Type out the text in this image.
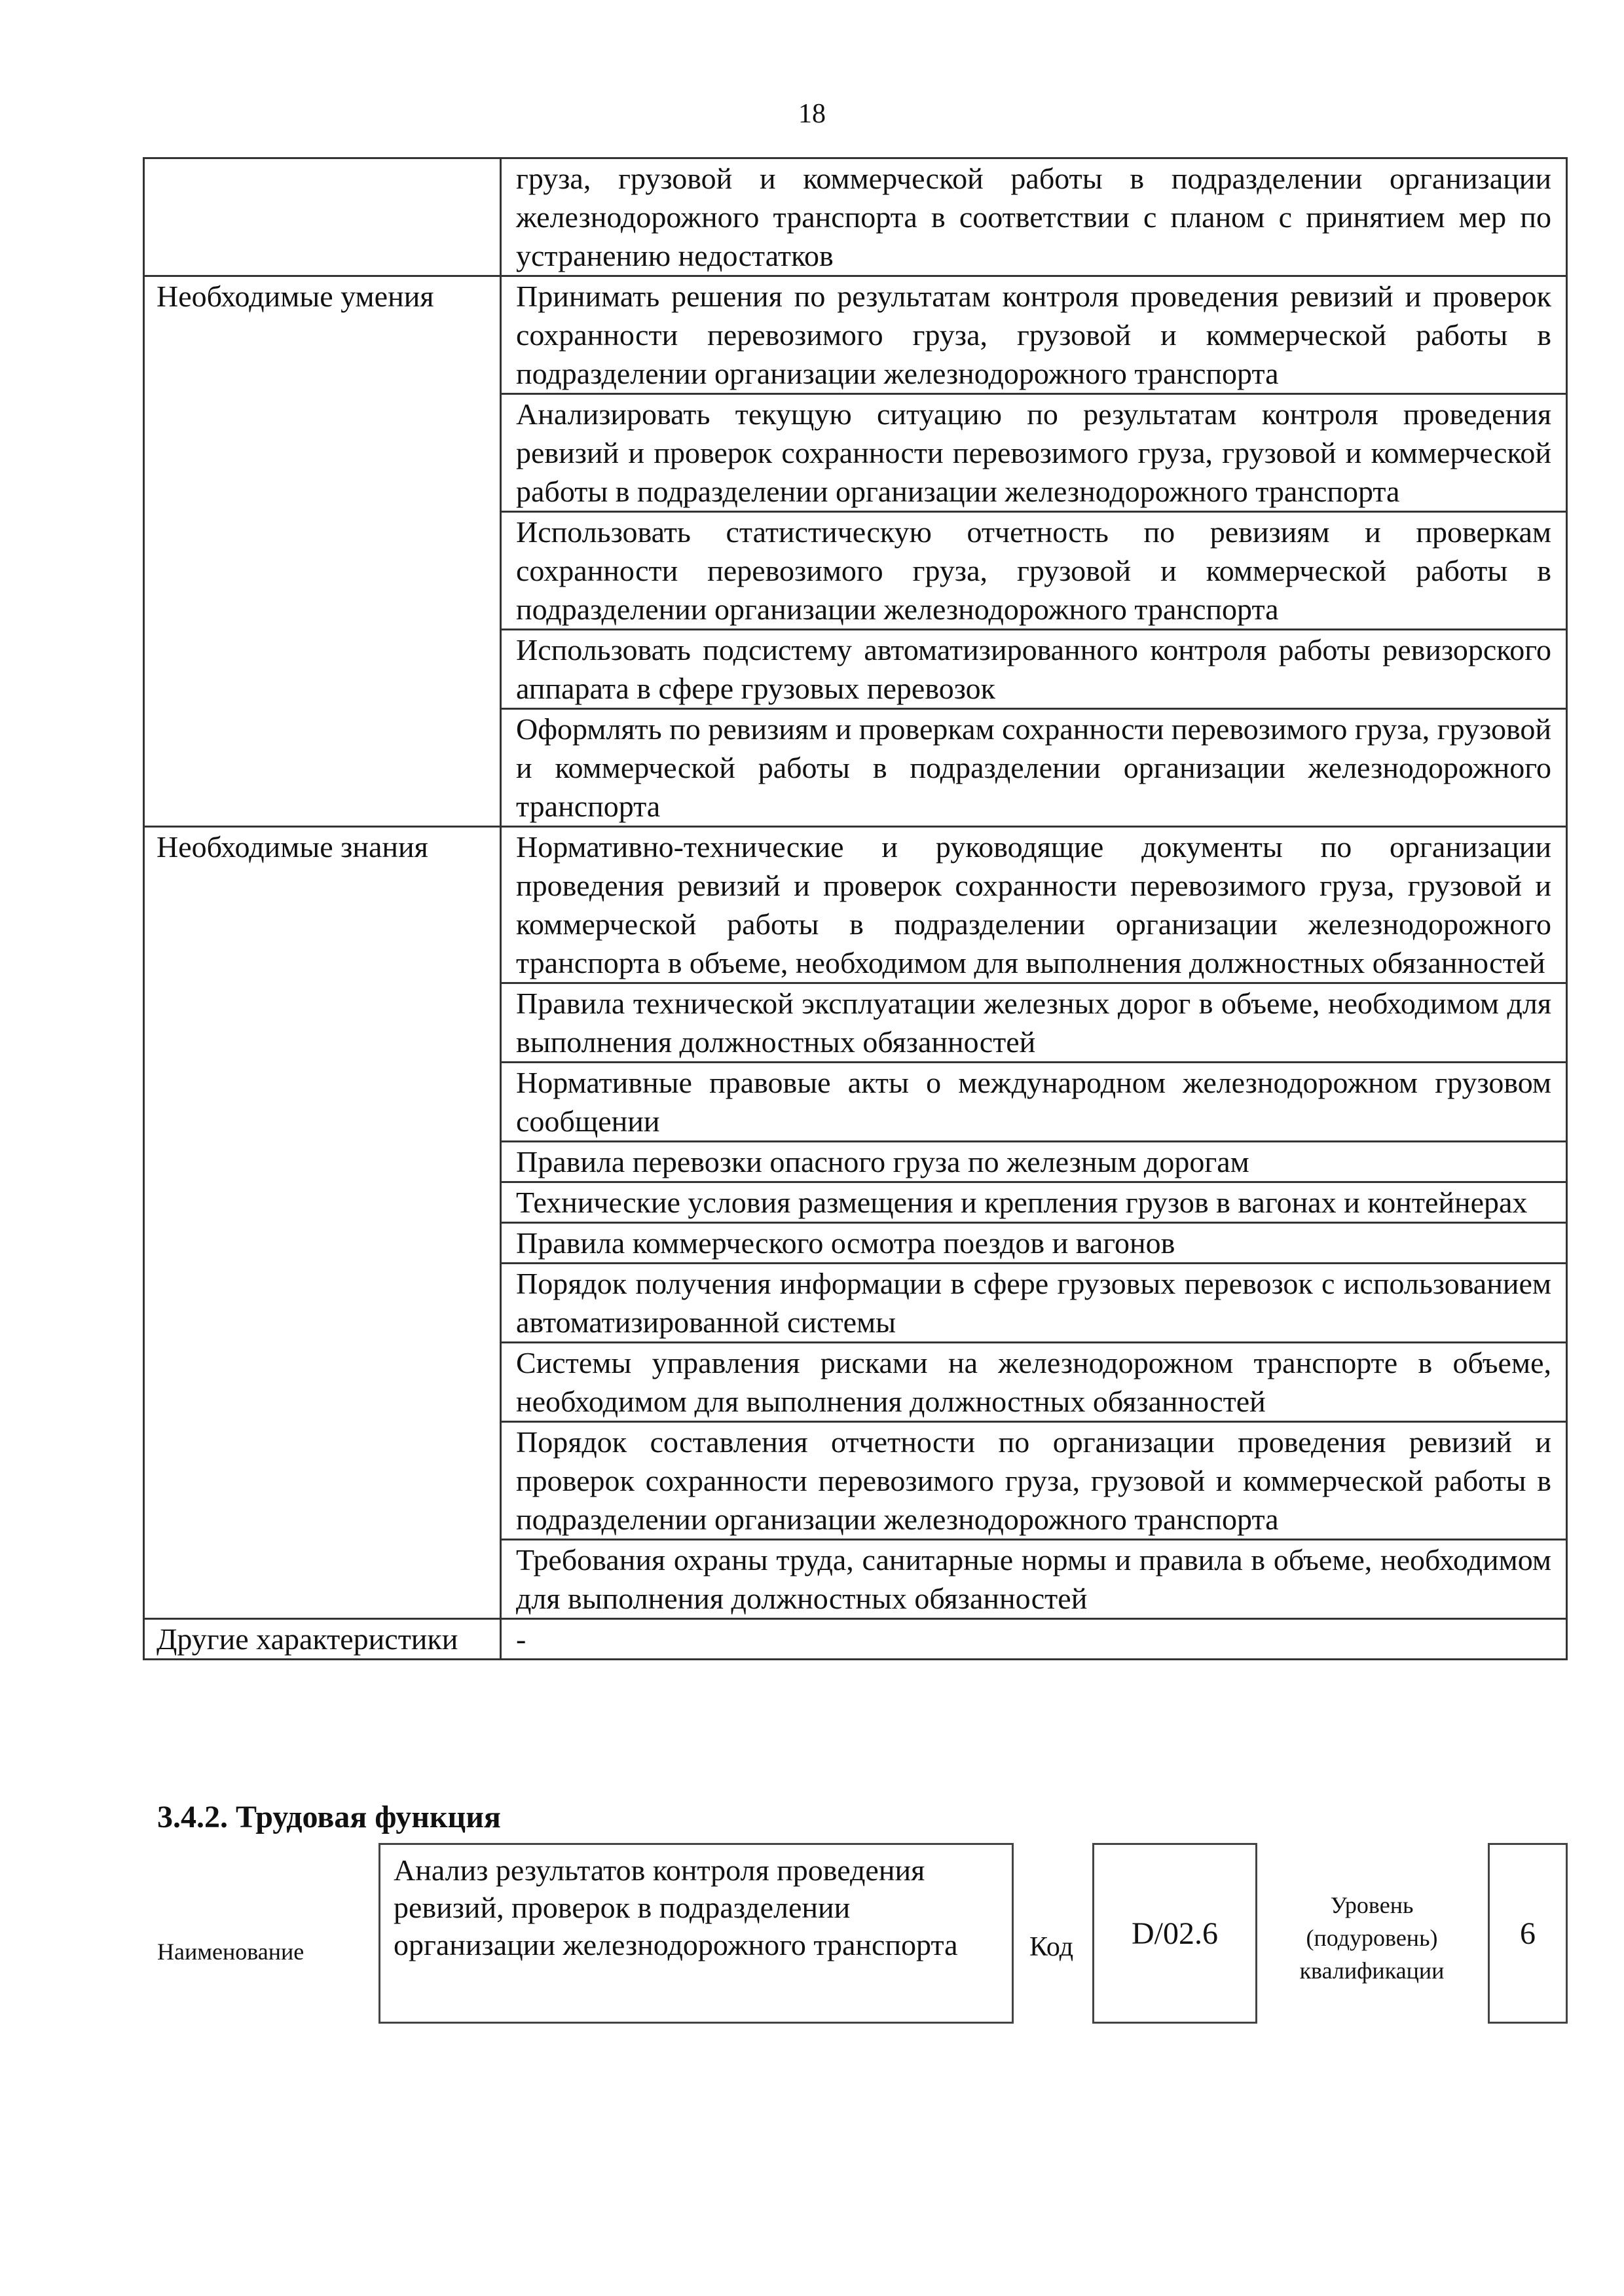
18
	груза, грузовой и коммерческой работы в подразделении организации железнодорожного транспорта в соответствии с планом с принятием мер по устранению недостатков
Необходимые умения	Принимать решения по результатам контроля проведения ревизий и проверок сохранности перевозимого груза, грузовой и коммерческой работы в подразделении организации железнодорожного транспорта
	Анализировать текущую ситуацию по результатам контроля проведения ревизий и проверок сохранности перевозимого груза, грузовой и коммерческой работы в подразделении организации железнодорожного транспорта
	Использовать статистическую отчетность по ревизиям и проверкам сохранности перевозимого груза, грузовой и коммерческой работы в подразделении организации железнодорожного транспорта
	Использовать подсистему автоматизированного контроля работы ревизорского аппарата в сфере грузовых перевозок
	Оформлять по ревизиям и проверкам сохранности перевозимого груза, грузовой и коммерческой работы в подразделении организации железнодорожного транспорта
Необходимые знания	Нормативно-технические и руководящие документы по организации проведения ревизий и проверок сохранности перевозимого груза, грузовой и коммерческой работы в подразделении организации железнодорожного транспорта в объеме, необходимом для выполнения должностных обязанностей
	Правила технической эксплуатации железных дорог в объеме, необходимом для выполнения должностных обязанностей
	Нормативные правовые акты о международном железнодорожном грузовом сообщении
	Правила перевозки опасного груза по железным дорогам
	Технические условия размещения и крепления грузов в вагонах и контейнерах
	Правила коммерческого осмотра поездов и вагонов
	Порядок получения информации в сфере грузовых перевозок с использованием автоматизированной системы
	Системы управления рисками на железнодорожном транспорте в объеме, необходимом для выполнения должностных обязанностей
	Порядок составления отчетности по организации проведения ревизий и проверок сохранности перевозимого груза, грузовой и коммерческой работы в подразделении организации железнодорожного транспорта
	Требования охраны труда, санитарные нормы и правила в объеме, необходимом для выполнения должностных обязанностей
Другие характеристики	-
3.4.2. Трудовая функция
Наименование
Анализ результатов контроля проведения ревизий, проверок в подразделении организации железнодорожного транспорта	Код D/02.6
Уровень
(подуровень)
квалификации
6
